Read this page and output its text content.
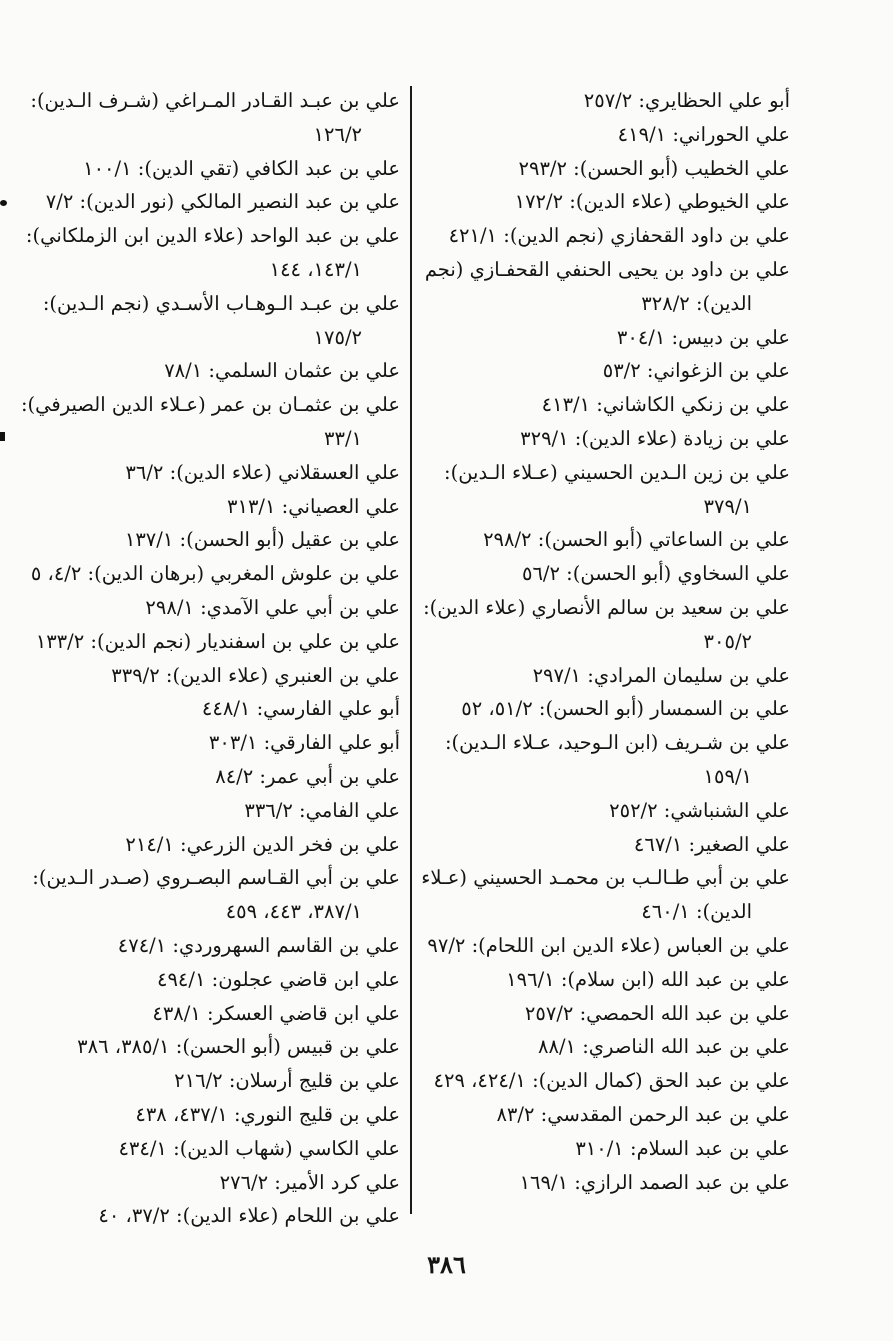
أبو علي الحظايري: ٢٥٧/٢
علي الحوراني: ٤١٩/١
علي الخطيب (أبو الحسن): ٢٩٣/٢
علي الخيوطي (علاء الدين): ١٧٢/٢
علي بن داود القحفازي (نجم الدين): ٤٢١/١
علي بن داود بن يحيى الحنفي القحفـازي (نجم
الدين): ٣٢٨/٢
علي بن دبيس: ٣٠٤/١
علي بن الزغواني: ٥٣/٢
علي بن زنكي الكاشاني: ٤١٣/١
علي بن زيادة (علاء الدين): ٣٢٩/١
علي بن زين الـدين الحسيني (عـلاء الـدين):
٣٧٩/١
علي بن الساعاتي (أبو الحسن): ٢٩٨/٢
علي السخاوي (أبو الحسن): ٥٦/٢
علي بن سعيد بن سالم الأنصاري (علاء الدين):
٣٠٥/٢
علي بن سليمان المرادي: ٢٩٧/١
علي بن السمسار (أبو الحسن): ٥١/٢، ٥٢
علي بن شـريف (ابن الـوحيد، عـلاء الـدين):
١٥٩/١
علي الشنباشي: ٢٥٢/٢
علي الصغير: ٤٦٧/١
علي بن أبي طـالـب بن محمـد الحسيني (عـلاء
الدين): ٤٦٠/١
علي بن العباس (علاء الدين ابن اللحام): ٩٧/٢
علي بن عبد الله (ابن سلام): ١٩٦/١
علي بن عبد الله الحمصي: ٢٥٧/٢
علي بن عبد الله الناصري: ٨٨/١
علي بن عبد الحق (كمال الدين): ٤٢٤/١، ٤٢٩
علي بن عبد الرحمن المقدسي: ٨٣/٢
علي بن عبد السلام: ٣١٠/١
علي بن عبد الصمد الرازي: ١٦٩/١
علي بن عبـد القـادر المـراغي (شـرف الـدين):
١٢٦/٢
علي بن عبد الكافي (تقي الدين): ١٠٠/١
علي بن عبد النصير المالكي (نور الدين): ٧/٢
علي بن عبد الواحد (علاء الدين ابن الزملكاني):
١٤٣/١، ١٤٤
علي بن عبـد الـوهـاب الأسـدي (نجم الـدين):
١٧٥/٢
علي بن عثمان السلمي: ٧٨/١
علي بن عثمـان بن عمر (عـلاء الدين الصيرفي):
٣٣/١
علي العسقلاني (علاء الدين): ٣٦/٢
علي العصياني: ٣١٣/١
علي بن عقيل (أبو الحسن): ١٣٧/١
علي بن علوش المغربي (برهان الدين): ٤/٢، ٥
علي بن أبي علي الآمدي: ٢٩٨/١
علي بن علي بن اسفنديار (نجم الدين): ١٣٣/٢
علي بن العنبري (علاء الدين): ٣٣٩/٢
أبو علي الفارسي: ٤٤٨/١
أبو علي الفارقي: ٣٠٣/١
علي بن أبي عمر: ٨٤/٢
علي الفامي: ٣٣٦/٢
علي بن فخر الدين الزرعي: ٢١٤/١
علي بن أبي القـاسم البصـروي (صـدر الـدين):
٣٨٧/١، ٤٤٣، ٤٥٩
علي بن القاسم السهروردي: ٤٧٤/١
علي ابن قاضي عجلون: ٤٩٤/١
علي ابن قاضي العسكر: ٤٣٨/١
علي بن قبيس (أبو الحسن): ٣٨٥/١، ٣٨٦
علي بن قليج أرسلان: ٢١٦/٢
علي بن قليج النوري: ٤٣٧/١، ٤٣٨
علي الكاسي (شهاب الدين): ٤٣٤/١
علي كرد الأمير: ٢٧٦/٢
علي بن اللحام (علاء الدين): ٣٧/٢، ٤٠
٣٨٦
